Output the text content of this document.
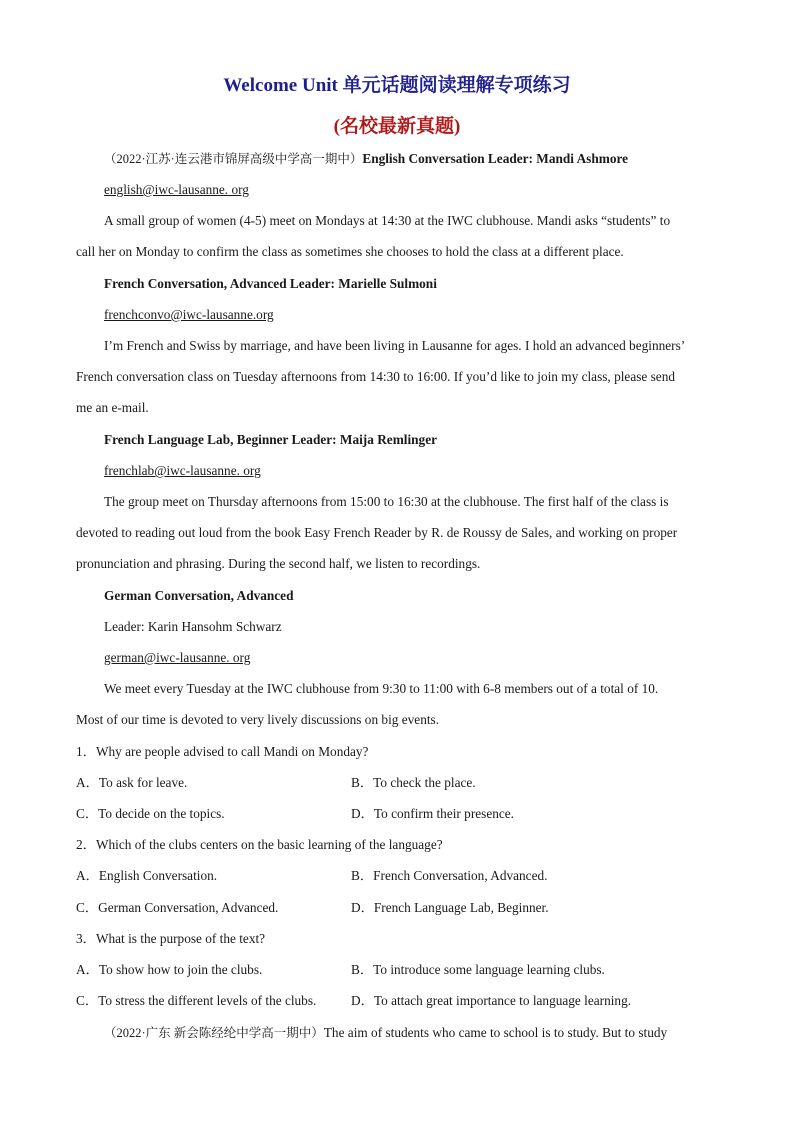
Welcome Unit 单元话题阅读理解专项练习
(名校最新真题)
（2022·江苏·连云港市锦屏高级中学高一期中）English Conversation Leader: Mandi Ashmore
english@iwc-lausanne. org
A small group of women (4-5) meet on Mondays at 14:30 at the IWC clubhouse. Mandi asks “students” to
call her on Monday to confirm the class as sometimes she chooses to hold the class at a different place.
French Conversation, Advanced Leader: Marielle Sulmoni
frenchconvo@iwc-lausanne.org
I’m French and Swiss by marriage, and have been living in Lausanne for ages. I hold an advanced beginners’
French conversation class on Tuesday afternoons from 14:30 to 16:00. If you’d like to join my class, please send
me an e-mail.
French Language Lab, Beginner Leader: Maija Remlinger
frenchlab@iwc-lausanne. org
The group meet on Thursday afternoons from 15:00 to 16:30 at the clubhouse. The first half of the class is
devoted to reading out loud from the book Easy French Reader by R. de Roussy de Sales, and working on proper
pronunciation and phrasing. During the second half, we listen to recordings.
German Conversation, Advanced
Leader: Karin Hansohm Schwarz
german@iwc-lausanne. org
We meet every Tuesday at the IWC clubhouse from 9:30 to 11:00 with 6-8 members out of a total of 10.
Most of our time is devoted to very lively discussions on big events.
1．Why are people advised to call Mandi on Monday?
A．To ask for leave.	B．To check the place.
C．To decide on the topics.	D．To confirm their presence.
2．Which of the clubs centers on the basic learning of the language?
A．English Conversation.	B．French Conversation, Advanced.
C．German Conversation, Advanced.	D．French Language Lab, Beginner.
3．What is the purpose of the text?
A．To show how to join the clubs.	B．To introduce some language learning clubs.
C．To stress the different levels of the clubs.	D．To attach great importance to language learning.
（2022·广东 新会陈经纶中学高一期中）The aim of students who came to school is to study. But to study
